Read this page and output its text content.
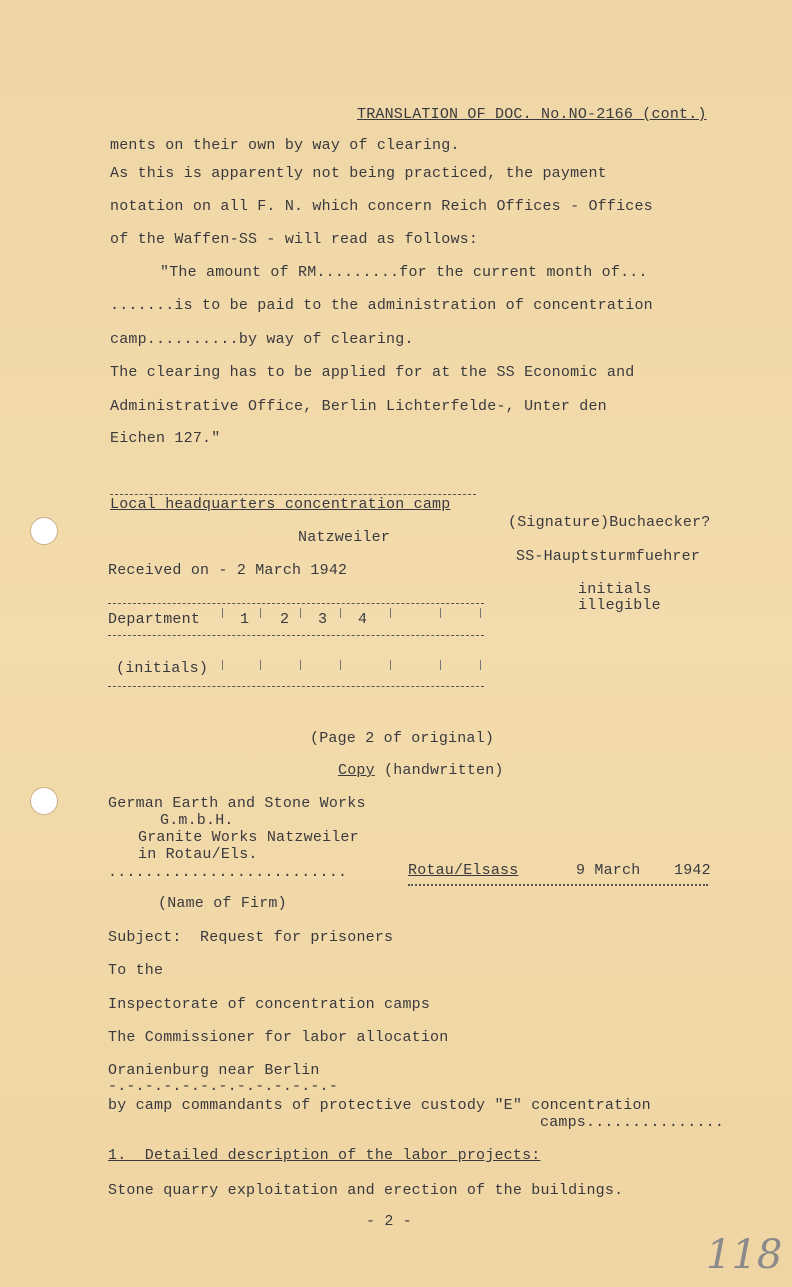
TRANSLATION OF DOC. No.NO-2166 (cont.)
ments on their own by way of clearing.
As this is apparently not being practiced, the payment
notation on all F. N. which concern Reich Offices - Offices
of the Waffen-SS - will read as follows:
"The amount of RM.........for the current month of...
.......is to be paid to the administration of concentration
camp..........by way of clearing.
The clearing has to be applied for at the SS Economic and
Administrative Office, Berlin Lichterfelde-, Unter den
Eichen 127."
Local headquarters concentration camp
Natzweiler
Received on - 2 March 1942
Department	1 2 3 4
(initials)
(Signature)Buchaecker?
SS-Hauptsturmfuehrer
initials
illegible
(Page 2 of original)
Copy (handwritten)
German Earth and Stone Works
G.m.b.H.
Granite Works Natzweiler
in Rotau/Els.
..........................	Rotau/Elsass	9 March 1942
(Name of Firm)
Subject:  Request for prisoners
To the
Inspectorate of concentration camps
The Commissioner for labor allocation
Oranienburg near Berlin
-.-.-.-.-.-.-.-.-.-.-.-.-
by camp commandants of protective custody "E" concentration
camps...............
1.  Detailed description of the labor projects:
Stone quarry exploitation and erection of the buildings.
- 2 -
118
